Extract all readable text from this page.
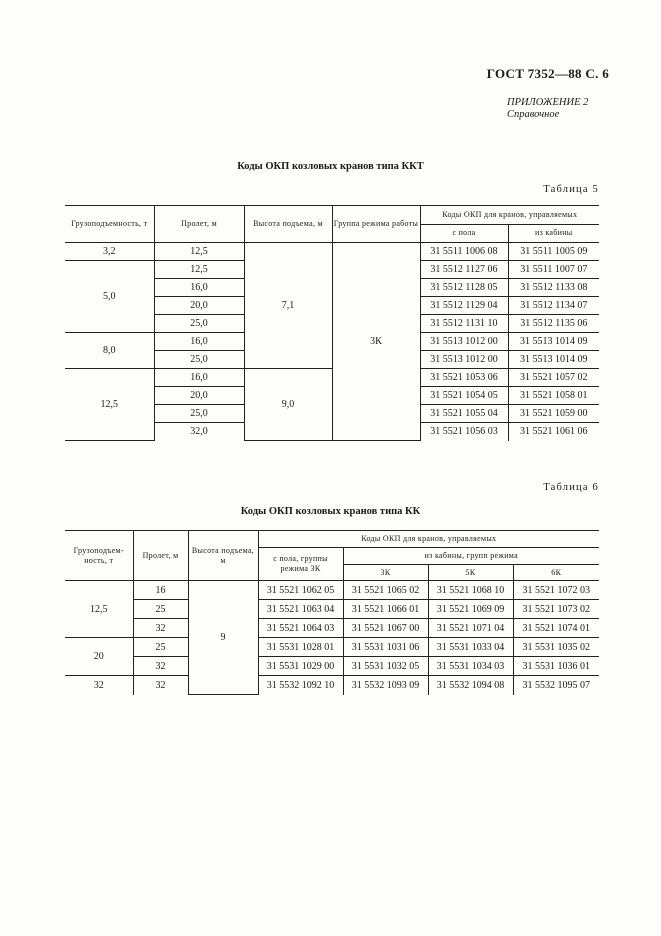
ГОСТ 7352—88 С. 6
ПРИЛОЖЕНИЕ 2
Справочное
Коды ОКП козловых кранов типа ККТ
Таблица 5
Грузоподъемность, т	Пролет, м	Высота подъема, м	Группа режима работы	Коды ОКП для кранов, управляемых	
				с пола	из кабины
3,2	12,5	7,1	3К	31 5511 1006 08	31 5511 1005 09
5,0	12,5			31 5512 1127 06	31 5511 1007 07
	16,0			31 5512 1128 05	31 5512 1133 08
	20,0			31 5512 1129 04	31 5512 1134 07
	25,0			31 5512 1131 10	31 5512 1135 06
8,0	16,0			31 5513 1012 00	31 5513 1014 09
	25,0			31 5513 1012 00	31 5513 1014 09
12,5	16,0	9,0		31 5521 1053 06	31 5521 1057 02
	20,0			31 5521 1054 05	31 5521 1058 01
	25,0			31 5521 1055 04	31 5521 1059 00
	32,0			31 5521 1056 03	31 5521 1061 06
Таблица 6
Коды ОКП козловых кранов типа КК
Грузоподъем-ность, т	Пролет, м	Высота подъема, м	Коды ОКП для кранов, управляемых			
			с пола, группы режима 3К	из кабины, групп режима		
				3К	5К	6К
12,5	16	9	31 5521 1062 05	31 5521 1065 02	31 5521 1068 10	31 5521 1072 03
	25		31 5521 1063 04	31 5521 1066 01	31 5521 1069 09	31 5521 1073 02
	32		31 5521 1064 03	31 5521 1067 00	31 5521 1071 04	31 5521 1074 01
20	25		31 5531 1028 01	31 5531 1031 06	31 5531 1033 04	31 5531 1035 02
	32		31 5531 1029 00	31 5531 1032 05	31 5531 1034 03	31 5531 1036 01
32	32		31 5532 1092 10	31 5532 1093 09	31 5532 1094 08	31 5532 1095 07
